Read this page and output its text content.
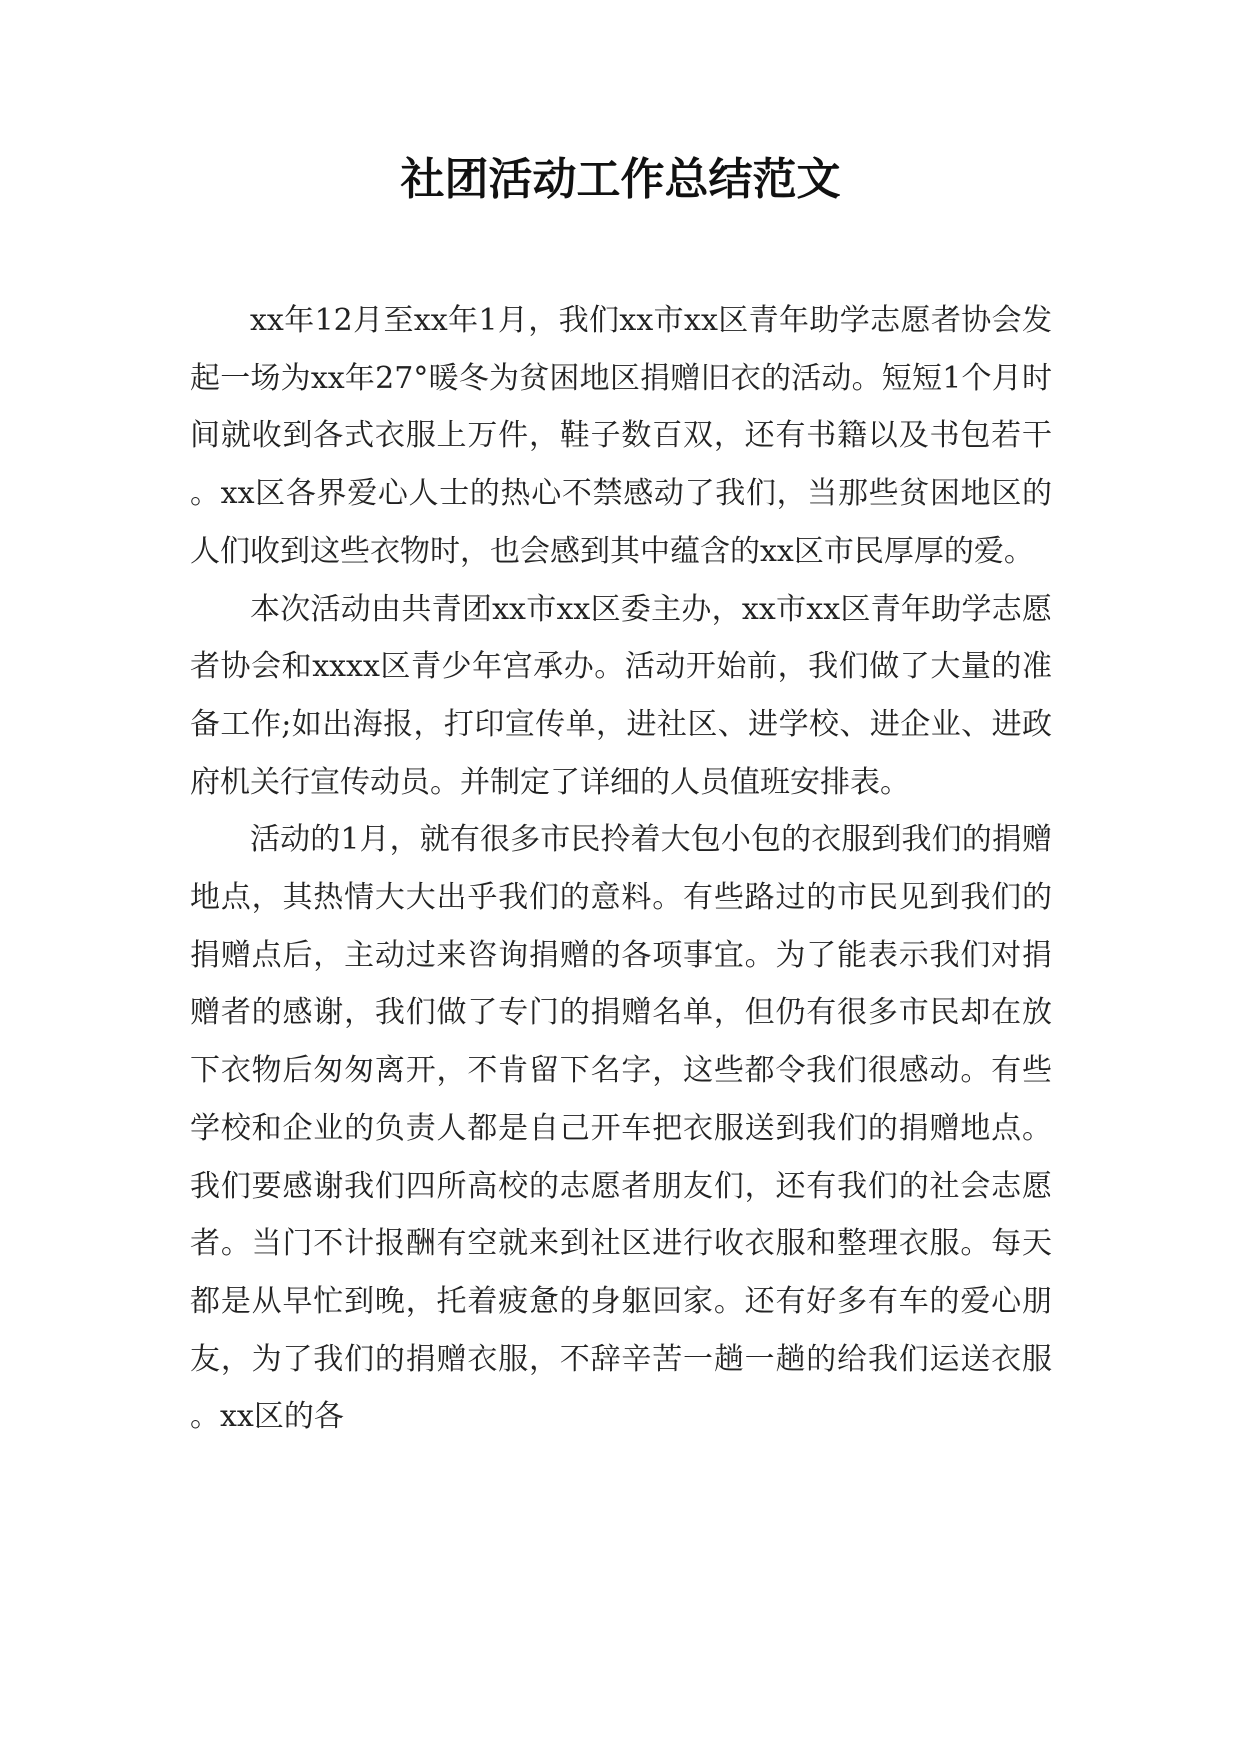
社团活动工作总结范文

xx年12月至xx年1月，我们xx市xx区青年助学志愿者协会发起一场为xx年27°暖冬为贫困地区捐赠旧衣的活动。短短1个月时间就收到各式衣服上万件，鞋子数百双，还有书籍以及书包若干。xx区各界爱心人士的热心不禁感动了我们，当那些贫困地区的人们收到这些衣物时，也会感到其中蕴含的xx区市民厚厚的爱。

本次活动由共青团xx市xx区委主办，xx市xx区青年助学志愿者协会和xxxx区青少年宫承办。活动开始前，我们做了大量的准备工作;如出海报，打印宣传单，进社区、进学校、进企业、进政府机关行宣传动员。并制定了详细的人员值班安排表。

活动的1月，就有很多市民拎着大包小包的衣服到我们的捐赠地点，其热情大大出乎我们的意料。有些路过的市民见到我们的捐赠点后，主动过来咨询捐赠的各项事宜。为了能表示我们对捐赠者的感谢，我们做了专门的捐赠名单，但仍有很多市民却在放下衣物后匆匆离开，不肯留下名字，这些都令我们很感动。有些学校和企业的负责人都是自己开车把衣服送到我们的捐赠地点。我们要感谢我们四所高校的志愿者朋友们，还有我们的社会志愿者。当门不计报酬有空就来到社区进行收衣服和整理衣服。每天都是从早忙到晚，托着疲惫的身躯回家。还有好多有车的爱心朋友，为了我们的捐赠衣服，不辞辛苦一趟一趟的给我们运送衣服。xx区的各
